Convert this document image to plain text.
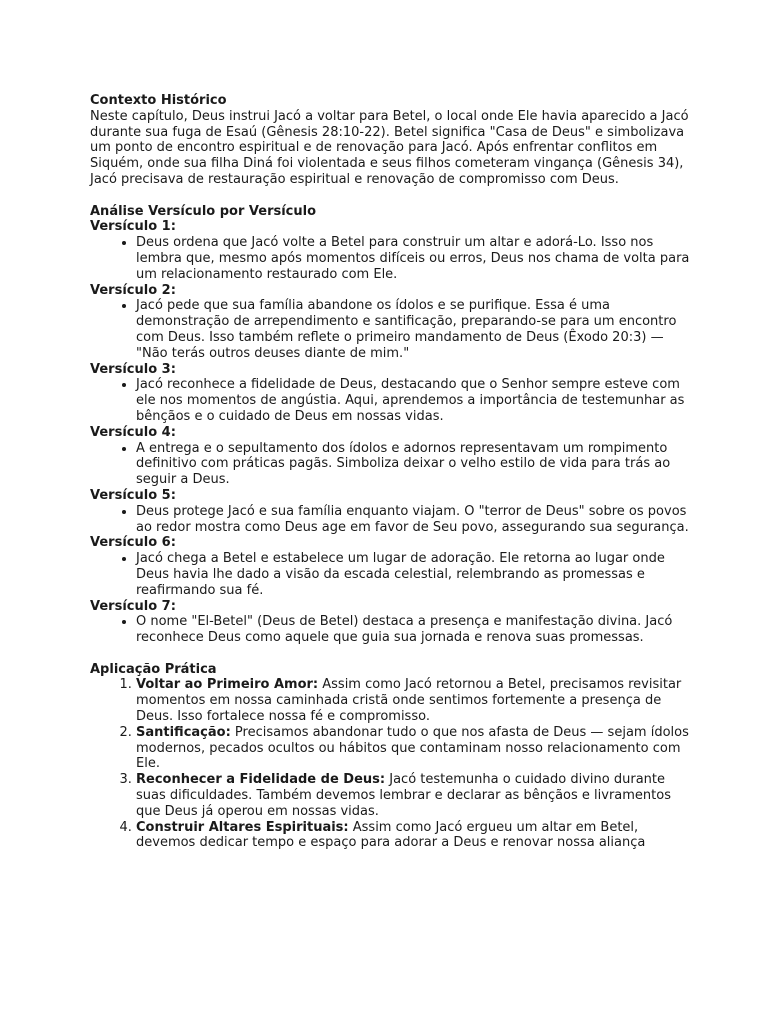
Contexto Histórico

Neste capítulo, Deus instrui Jacó a voltar para Betel, o local onde Ele havia aparecido a Jacó durante sua fuga de Esaú (Gênesis 28:10-22). Betel significa "Casa de Deus" e simbolizava um ponto de encontro espiritual e de renovação para Jacó. Após enfrentar conflitos em Siquém, onde sua filha Diná foi violentada e seus filhos cometeram vingança (Gênesis 34), Jacó precisava de restauração espiritual e renovação de compromisso com Deus.

Análise Versículo por Versículo

Versículo 1:

• Deus ordena que Jacó volte a Betel para construir um altar e adorá-Lo. Isso nos lembra que, mesmo após momentos difíceis ou erros, Deus nos chama de volta para um relacionamento restaurado com Ele.

Versículo 2:

• Jacó pede que sua família abandone os ídolos e se purifique. Essa é uma demonstração de arrependimento e santificação, preparando-se para um encontro com Deus. Isso também reflete o primeiro mandamento de Deus (Êxodo 20:3) — "Não terás outros deuses diante de mim."

Versículo 3:

• Jacó reconhece a fidelidade de Deus, destacando que o Senhor sempre esteve com ele nos momentos de angústia. Aqui, aprendemos a importância de testemunhar as bênçãos e o cuidado de Deus em nossas vidas.

Versículo 4:

• A entrega e o sepultamento dos ídolos e adornos representavam um rompimento definitivo com práticas pagãs. Simboliza deixar o velho estilo de vida para trás ao seguir a Deus.

Versículo 5:

• Deus protege Jacó e sua família enquanto viajam. O "terror de Deus" sobre os povos ao redor mostra como Deus age em favor de Seu povo, assegurando sua segurança.

Versículo 6:

• Jacó chega a Betel e estabelece um lugar de adoração. Ele retorna ao lugar onde Deus havia lhe dado a visão da escada celestial, relembrando as promessas e reafirmando sua fé.

Versículo 7:

• O nome "El-Betel" (Deus de Betel) destaca a presença e manifestação divina. Jacó reconhece Deus como aquele que guia sua jornada e renova suas promessas.

Aplicação Prática

1. Voltar ao Primeiro Amor: Assim como Jacó retornou a Betel, precisamos revisitar momentos em nossa caminhada cristã onde sentimos fortemente a presença de Deus. Isso fortalece nossa fé e compromisso.
2. Santificação: Precisamos abandonar tudo o que nos afasta de Deus — sejam ídolos modernos, pecados ocultos ou hábitos que contaminam nosso relacionamento com Ele.
3. Reconhecer a Fidelidade de Deus: Jacó testemunha o cuidado divino durante suas dificuldades. Também devemos lembrar e declarar as bênçãos e livramentos que Deus já operou em nossas vidas.
4. Construir Altares Espirituais: Assim como Jacó ergueu um altar em Betel, devemos dedicar tempo e espaço para adorar a Deus e renovar nossa aliança
